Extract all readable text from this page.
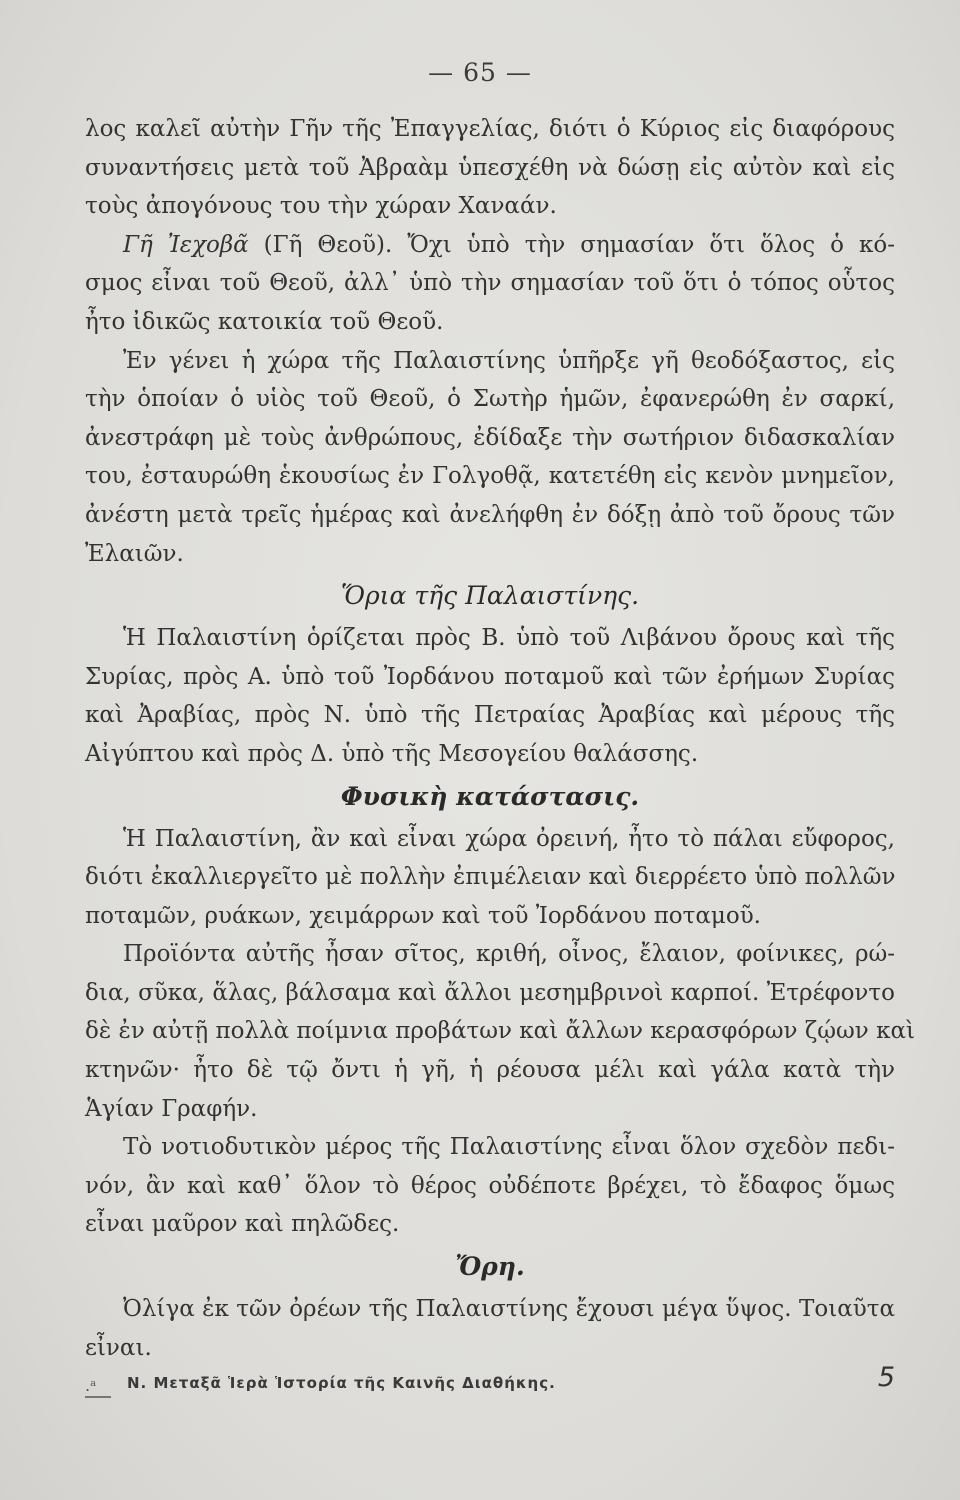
— 65 —
λος καλεῖ αὐτὴν Γῆν τῆς Ἐπαγγελίας, διότι ὁ Κύριος εἰς διαφόρους
συναντήσεις μετὰ τοῦ Ἀβραὰμ ὑπεσχέθη νὰ δώσῃ εἰς αὐτὸν καὶ εἰς
τοὺς ἀπογόνους του τὴν χώραν Χαναάν.
Γῆ Ἰεχοβᾶ (Γῆ Θεοῦ). Ὄχι ὑπὸ τὴν σημασίαν ὅτι ὅλος ὁ κό-
σμος εἶναι τοῦ Θεοῦ, ἀλλ᾽ ὑπὸ τὴν σημασίαν τοῦ ὅτι ὁ τόπος οὗτος
ἦτο ἰδικῶς κατοικία τοῦ Θεοῦ.
Ἐν γένει ἡ χώρα τῆς Παλαιστίνης ὑπῆρξε γῆ θεοδόξαστος, εἰς
τὴν ὁποίαν ὁ υἱὸς τοῦ Θεοῦ, ὁ Σωτὴρ ἡμῶν, ἐφανερώθη ἐν σαρκί,
ἀνεστράφη μὲ τοὺς ἀνθρώπους, ἐδίδαξε τὴν σωτήριον διδασκαλίαν
του, ἐσταυρώθη ἑκουσίως ἐν Γολγοθᾷ, κατετέθη εἰς κενὸν μνημεῖον,
ἀνέστη μετὰ τρεῖς ἡμέρας καὶ ἀνελήφθη ἐν δόξῃ ἀπὸ τοῦ ὄρους τῶν
Ἐλαιῶν.
Ὅρια τῆς Παλαιστίνης.
Ἡ Παλαιστίνη ὁρίζεται πρὸς Β. ὑπὸ τοῦ Λιβάνου ὄρους καὶ τῆς
Συρίας, πρὸς Α. ὑπὸ τοῦ Ἰορδάνου ποταμοῦ καὶ τῶν ἐρήμων Συρίας
καὶ Ἀραβίας, πρὸς Ν. ὑπὸ τῆς Πετραίας Ἀραβίας καὶ μέρους τῆς
Αἰγύπτου καὶ πρὸς Δ. ὑπὸ τῆς Μεσογείου θαλάσσης.
Φυσικὴ κατάστασις.
Ἡ Παλαιστίνη, ἂν καὶ εἶναι χώρα ὀρεινή, ἦτο τὸ πάλαι εὔφορος,
διότι ἐκαλλιεργεῖτο μὲ πολλὴν ἐπιμέλειαν καὶ διερρέετο ὑπὸ πολλῶν
ποταμῶν, ρυάκων, χειμάρρων καὶ τοῦ Ἰορδάνου ποταμοῦ.
Προϊόντα αὐτῆς ἦσαν σῖτος, κριθή, οἶνος, ἔλαιον, φοίνικες, ρώ-
δια, σῦκα, ἅλας, βάλσαμα καὶ ἄλλοι μεσημβρινοὶ καρποί. Ἐτρέφοντο
δὲ ἐν αὐτῇ πολλὰ ποίμνια προβάτων καὶ ἄλλων κερασφόρων ζῴων καὶ
κτηνῶν· ἦτο δὲ τῷ ὄντι ἡ γῆ, ἡ ρέουσα μέλι καὶ γάλα κατὰ τὴν
Ἁγίαν Γραφήν.
Τὸ νοτιοδυτικὸν μέρος τῆς Παλαιστίνης εἶναι ὅλον σχεδὸν πεδι-
νόν, ἂν καὶ καθ᾽ ὅλον τὸ θέρος οὐδέποτε βρέχει, τὸ ἔδαφος ὅμως
εἶναι μαῦρον καὶ πηλῶδες.
Ὄρη.
Ὀλίγα ἐκ τῶν ὀρέων τῆς Παλαιστίνης ἔχουσι μέγα ὕψος. Τοιαῦτα
εἶναι.
.ᵃ N. Μεταξᾶ Ἱερὰ Ἱστορία τῆς Καινῆς Διαθήκης.	5
